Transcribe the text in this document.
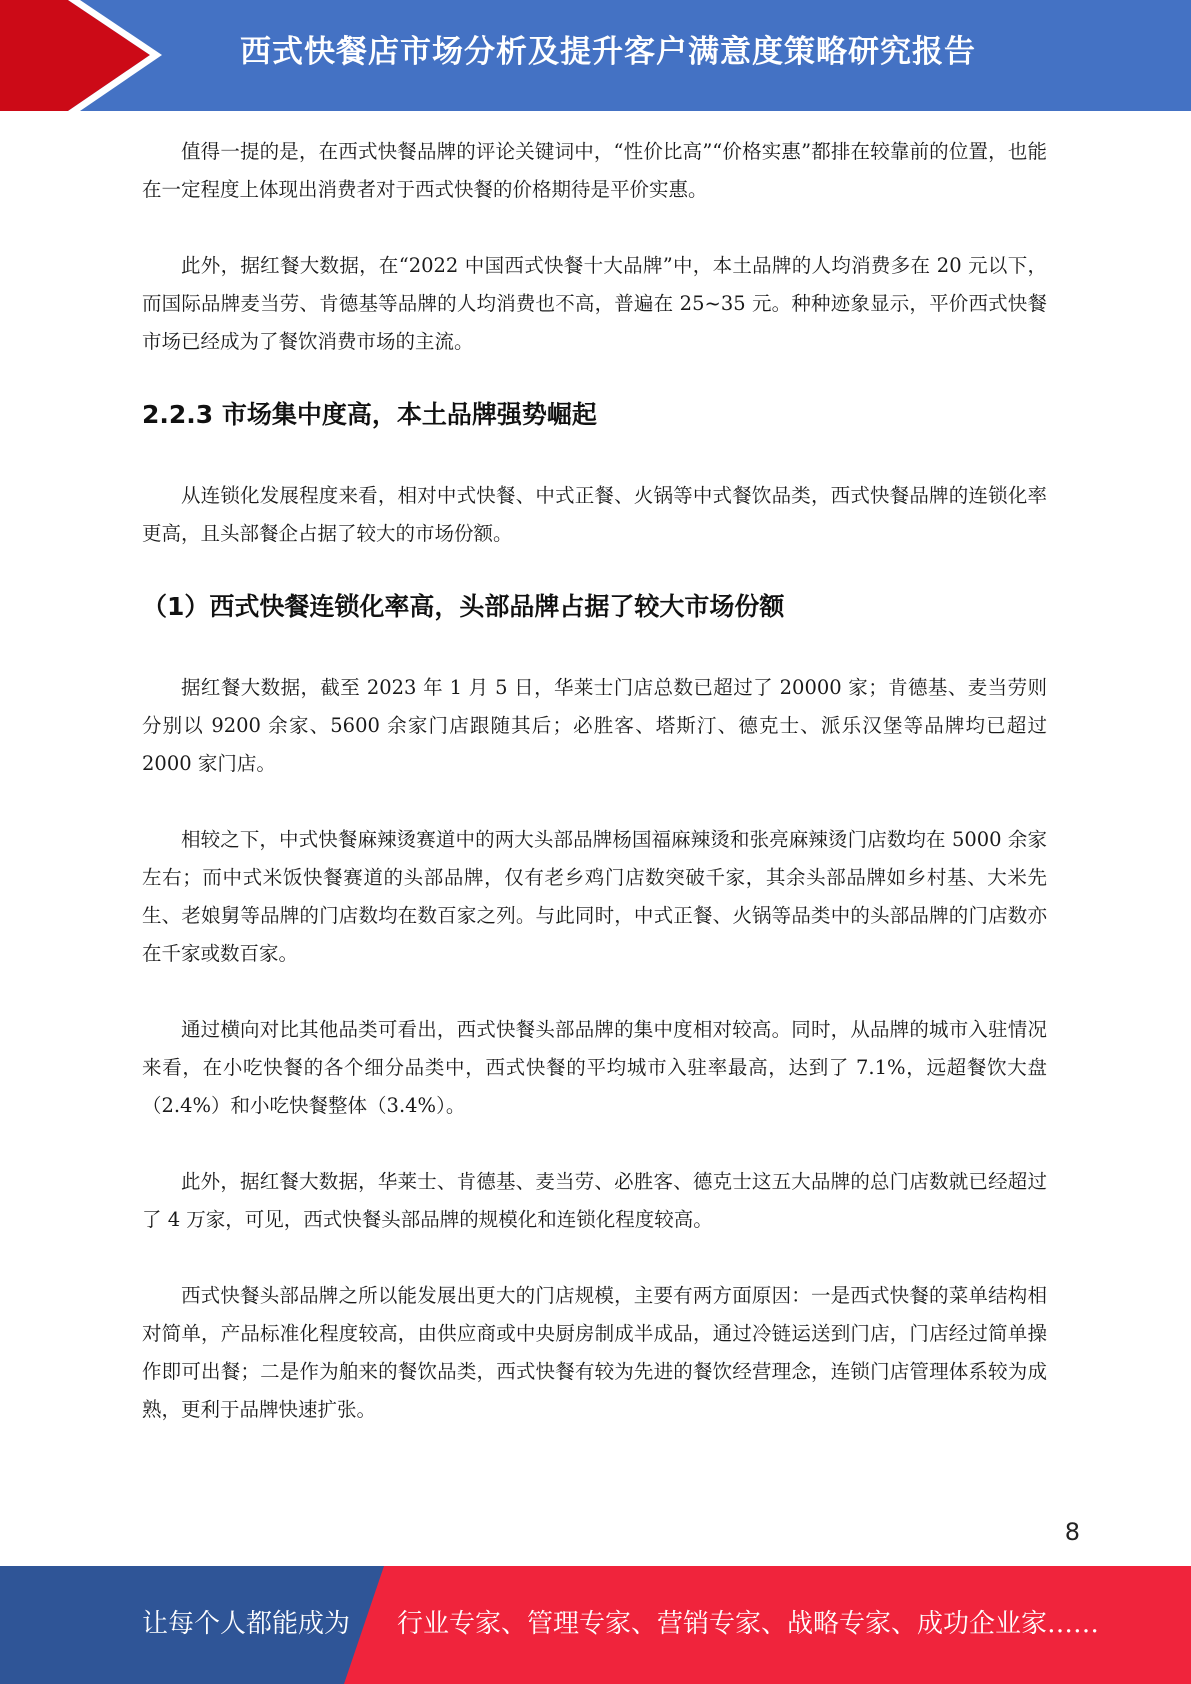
西式快餐店市场分析及提升客户满意度策略研究报告

值得一提的是，在西式快餐品牌的评论关键词中，“性价比高”“价格实惠”都排在较靠前的位置，也能在一定程度上体现出消费者对于西式快餐的价格期待是平价实惠。

此外，据红餐大数据，在“2022 中国西式快餐十大品牌”中，本土品牌的人均消费多在 20 元以下，而国际品牌麦当劳、肯德基等品牌的人均消费也不高，普遍在 25~35 元。种种迹象显示，平价西式快餐市场已经成为了餐饮消费市场的主流。

2.2.3 市场集中度高，本土品牌强势崛起

从连锁化发展程度来看，相对中式快餐、中式正餐、火锅等中式餐饮品类，西式快餐品牌的连锁化率更高，且头部餐企占据了较大的市场份额。

（1）西式快餐连锁化率高，头部品牌占据了较大市场份额

据红餐大数据，截至 2023 年 1 月 5 日，华莱士门店总数已超过了 20000 家；肯德基、麦当劳则分别以 9200 余家、5600 余家门店跟随其后；必胜客、塔斯汀、德克士、派乐汉堡等品牌均已超过 2000 家门店。

相较之下，中式快餐麻辣烫赛道中的两大头部品牌杨国福麻辣烫和张亮麻辣烫门店数均在 5000 余家左右；而中式米饭快餐赛道的头部品牌，仅有老乡鸡门店数突破千家，其余头部品牌如乡村基、大米先生、老娘舅等品牌的门店数均在数百家之列。与此同时，中式正餐、火锅等品类中的头部品牌的门店数亦在千家或数百家。

通过横向对比其他品类可看出，西式快餐头部品牌的集中度相对较高。同时，从品牌的城市入驻情况来看，在小吃快餐的各个细分品类中，西式快餐的平均城市入驻率最高，达到了 7.1%，远超餐饮大盘（2.4%）和小吃快餐整体（3.4%）。

此外，据红餐大数据，华莱士、肯德基、麦当劳、必胜客、德克士这五大品牌的总门店数就已经超过了 4 万家，可见，西式快餐头部品牌的规模化和连锁化程度较高。

西式快餐头部品牌之所以能发展出更大的门店规模，主要有两方面原因：一是西式快餐的菜单结构相对简单，产品标准化程度较高，由供应商或中央厨房制成半成品，通过冷链运送到门店，门店经过简单操作即可出餐；二是作为舶来的餐饮品类，西式快餐有较为先进的餐饮经营理念，连锁门店管理体系较为成熟，更利于品牌快速扩张。

8
让每个人都能成为 行业专家、管理专家、营销专家、战略专家、成功企业家……
